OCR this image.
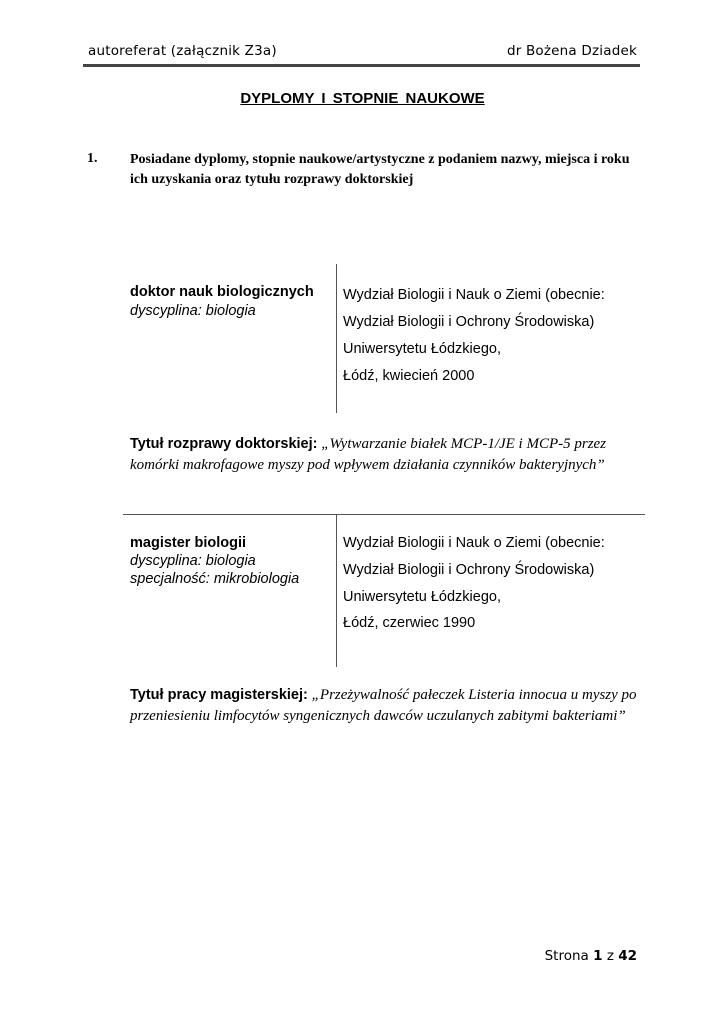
autoreferat (załącznik Z3a)	dr Bożena Dziadek
DYPLOMY I STOPNIE NAUKOWE
1. Posiadane dyplomy, stopnie naukowe/artystyczne z podaniem nazwy, miejsca i roku ich uzyskania oraz tytułu rozprawy doktorskiej
doktor nauk biologicznych
dyscyplina: biologia
Wydział Biologii i Nauk o Ziemi (obecnie:
Wydział Biologii i Ochrony Środowiska)
Uniwersytetu Łódzkiego,
Łódź, kwiecień 2000
Tytuł rozprawy doktorskiej: „Wytwarzanie białek MCP-1/JE i MCP-5 przez komórki makrofagowe myszy pod wpływem działania czynników bakteryjnych”
magister biologii
dyscyplina: biologia
specjalność: mikrobiologia
Wydział Biologii i Nauk o Ziemi (obecnie:
Wydział Biologii i Ochrony Środowiska)
Uniwersytetu Łódzkiego,
Łódź, czerwiec 1990
Tytuł pracy magisterskiej: „Przeżywalność pałeczek Listeria innocua u myszy po przeniesieniu limfocytów syngenicznych dawców uczulanych zabitymi bakteriami”
Strona 1 z 42
